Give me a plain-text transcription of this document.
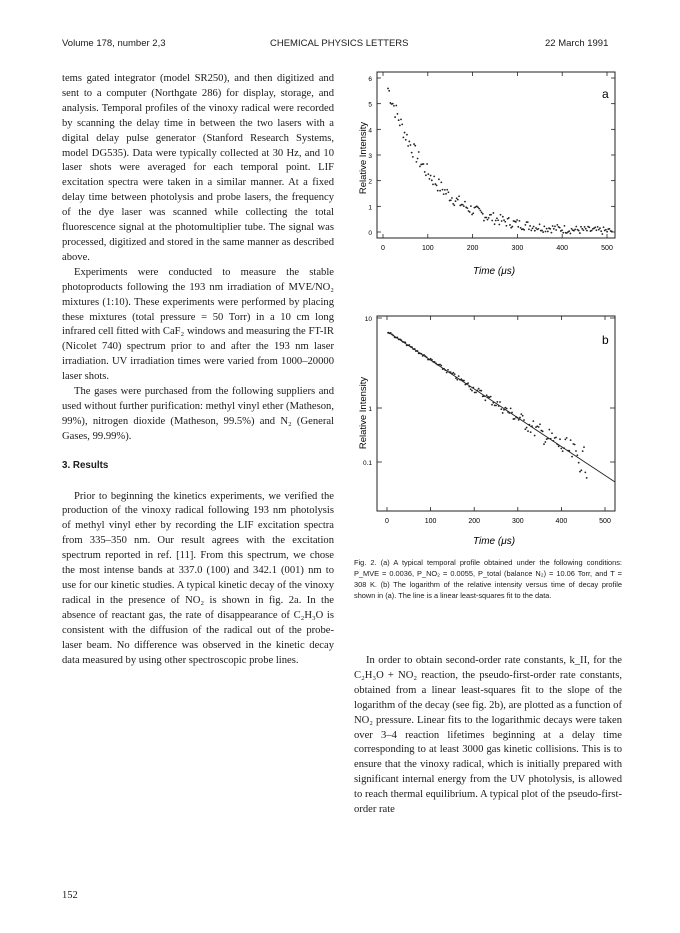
Volume 178, number 2,3	CHEMICAL PHYSICS LETTERS	22 March 1991

tems gated integrator (model SR250), and then digitized and sent to a computer (Northgate 286) for display, storage, and analysis. Temporal profiles of the vinoxy radical were recorded by scanning the delay time in between the two lasers with a digital delay pulse generator (Stanford Research Systems, model DG535). Data were typically collected at 30 Hz, and 10 laser shots were averaged for each temporal point. LIF excitation spectra were taken in a similar manner. At a fixed delay time between photolysis and probe lasers, the frequency of the dye laser was scanned while collecting the total fluorescence signal at the photomultiplier tube. The signal was processed, digitized and stored in the same manner as described above.

Experiments were conducted to measure the stable photoproducts following the 193 nm irradiation of MVE/NO₂ mixtures (1:10). These experiments were performed by placing these mixtures (total pressure = 50 Torr) in a 10 cm long infrared cell fitted with CaF₂ windows and measuring the FT-IR (Nicolet 740) spectrum prior to and after the 193 nm laser irradiation. UV irradiation times were varied from 1000–20000 laser shots.

The gases were purchased from the following suppliers and used without further purification: methyl vinyl ether (Matheson, 99%), nitrogen dioxide (Matheson, 99.5%) and N₂ (General Gases, 99.99%).

3. Results

Prior to beginning the kinetics experiments, we verified the production of the vinoxy radical following 193 nm photolysis of methyl vinyl ether by recording the LIF excitation spectra from 335–350 nm. Our result agrees with the excitation spectrum reported in ref. [11]. From this spectrum, we chose the most intense bands at 337.0 (100) and 342.1 (001) nm to use for our kinetic studies. A typical kinetic decay of the vinoxy radical in the presence of NO₂ is shown in fig. 2a. In the absence of reactant gas, the rate of disappearance of C₂H₃O is consistent with the diffusion of the radical out of the probe-laser beam. No difference was observed in the kinetic decay data measured by using other spectroscopic probe lines.

152
6
5
4
3
2
1
0
0	100	200	300	400	500
a
Relative Intensity
Time (μs)
10
1
0.1
0	100	200	300	400	500
b
Relative Intensity
Time (μs)
Fig. 2. (a) A typical temporal profile obtained under the following conditions: P_MVE = 0.0036, P_NO₂ = 0.0055, P_total (balance N₂) = 10.06 Torr, and T = 308 K. (b) The logarithm of the relative intensity versus time of decay profile shown in (a). The line is a linear least-squares fit to the data.

In order to obtain second-order rate constants, k_II, for the C₂H₃O + NO₂ reaction, the pseudo-first-order rate constants, obtained from a linear least-squares fit to the slope of the logarithm of the decay (see fig. 2b), are plotted as a function of NO₂ pressure. Linear fits to the logarithmic decays were taken over 3–4 reaction lifetimes beginning at a delay time corresponding to at least 3000 gas kinetic collisions. This is to ensure that the vinoxy radical, which is initially prepared with significant internal energy from the UV photolysis, is allowed to reach thermal equilibrium. A typical plot of the pseudo-first-order rate
